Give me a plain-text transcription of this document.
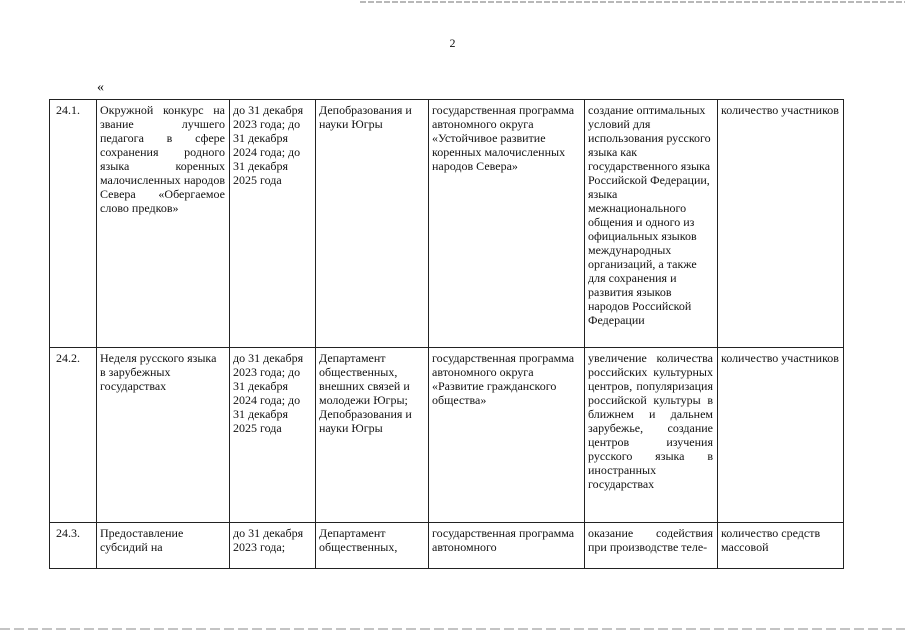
2
«
24.1.	Окружной конкурс на звание лучшего педагога в сфере сохранения родного языка коренных малочисленных народов Севера «Обергаемое слово предков»	до 31 декабря 2023 года; до 31 декабря 2024 года; до 31 декабря 2025 года	Депобразования и науки Югры	государственная программа автономного округа «Устойчивое развитие коренных малочисленных народов Севера»	создание оптимальных условий для использования русского языка как государственного языка Российской Федерации, языка межнационального общения и одного из официальных языков международных организаций, а также для сохранения и развития языков народов Российской Федерации	количество участников
24.2.	Неделя русского языка в зарубежных государствах	до 31 декабря 2023 года; до 31 декабря 2024 года; до 31 декабря 2025 года	Департамент общественных, внешних связей и молодежи Югры; Депобразования и науки Югры	государственная программа автономного округа «Развитие гражданского общества»	увеличение количества российских культурных центров, популяризация российской культуры в ближнем и дальнем зарубежье, создание центров изучения русского языка в иностранных государствах	количество участников
24.3.	Предоставление субсидий на	до 31 декабря 2023 года;	Департамент общественных,	государственная программа автономного	оказание содействия при производстве теле-	количество средств массовой
